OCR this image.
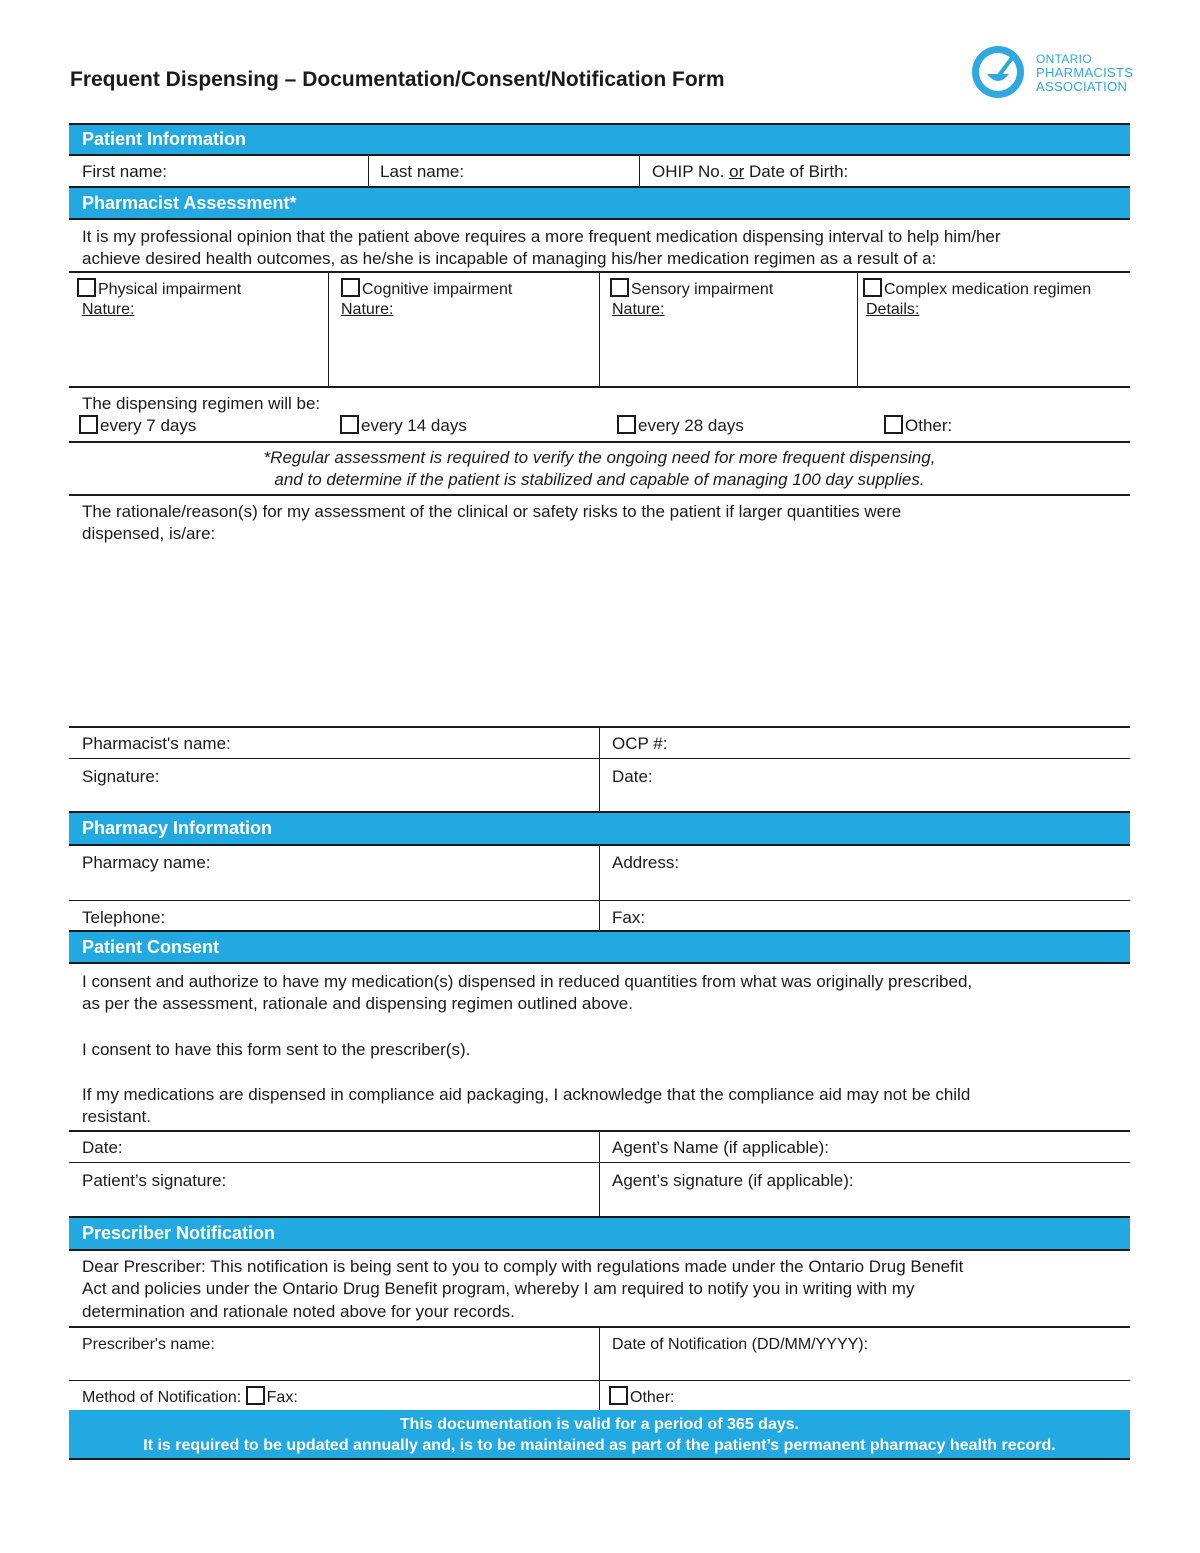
Frequent Dispensing – Documentation/Consent/Notification Form
ONTARIO
PHARMACISTS
ASSOCIATION
Patient Information
First name:	Last name:	OHIP No. or Date of Birth:
Pharmacist Assessment*
It is my professional opinion that the patient above requires a more frequent medication dispensing interval to help him/her
achieve desired health outcomes, as he/she is incapable of managing his/her medication regimen as a result of a:
Physical impairment
Nature:
Cognitive impairment
Nature:
Sensory impairment
Nature:
Complex medication regimen
Details:
The dispensing regimen will be:
every 7 days	every 14 days	every 28 days	Other:
*Regular assessment is required to verify the ongoing need for more frequent dispensing,
and to determine if the patient is stabilized and capable of managing 100 day supplies.
The rationale/reason(s) for my assessment of the clinical or safety risks to the patient if larger quantities were
dispensed, is/are:
Pharmacist's name:	OCP #:
Signature:	Date:
Pharmacy Information
Pharmacy name:	Address:
Telephone:	Fax:
Patient Consent
I consent and authorize to have my medication(s) dispensed in reduced quantities from what was originally prescribed,
as per the assessment, rationale and dispensing regimen outlined above.
I consent to have this form sent to the prescriber(s).
If my medications are dispensed in compliance aid packaging, I acknowledge that the compliance aid may not be child
resistant.
Date:	Agent’s Name (if applicable):
Patient’s signature:	Agent’s signature (if applicable):
Prescriber Notification
Dear Prescriber: This notification is being sent to you to comply with regulations made under the Ontario Drug Benefit
Act and policies under the Ontario Drug Benefit program, whereby I am required to notify you in writing with my
determination and rationale noted above for your records.
Prescriber's name:	Date of Notification (DD/MM/YYYY):
Method of Notification: Fax:	Other:
This documentation is valid for a period of 365 days.
It is required to be updated annually and, is to be maintained as part of the patient’s permanent pharmacy health record.
